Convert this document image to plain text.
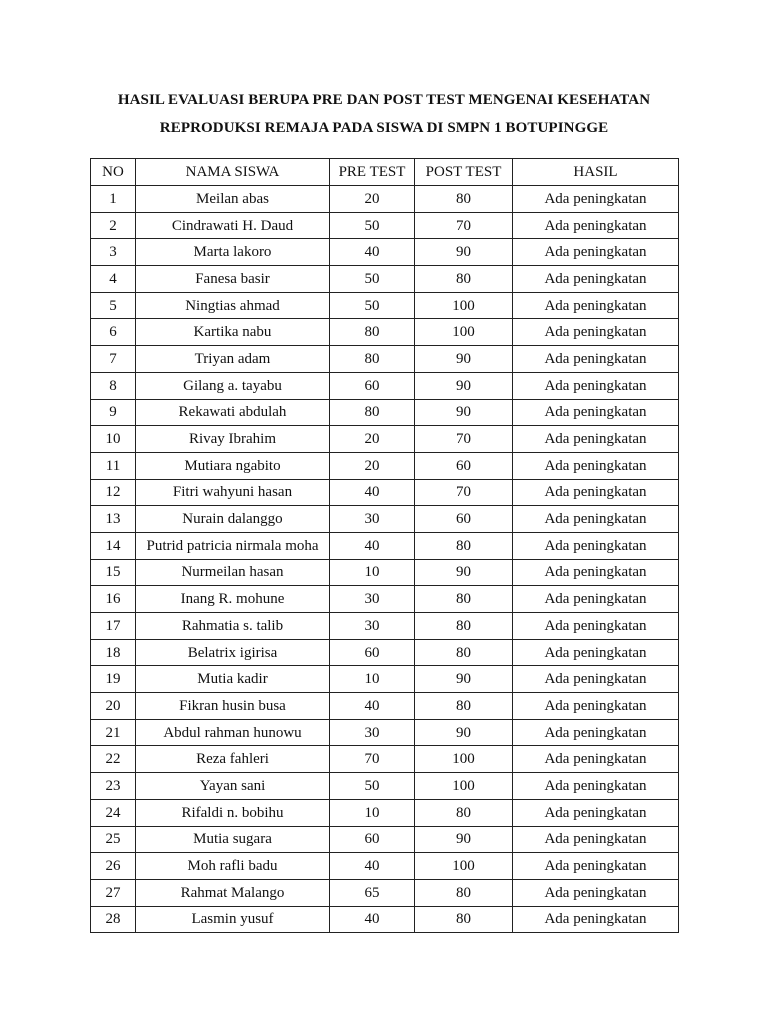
HASIL EVALUASI BERUPA PRE DAN POST TEST MENGENAI KESEHATAN
REPRODUKSI REMAJA PADA SISWA DI SMPN 1 BOTUPINGGE
NO	NAMA SISWA	PRE TEST	POST TEST	HASIL
1	Meilan abas	20	80	Ada peningkatan
2	Cindrawati H. Daud	50	70	Ada peningkatan
3	Marta lakoro	40	90	Ada peningkatan
4	Fanesa basir	50	80	Ada peningkatan
5	Ningtias ahmad	50	100	Ada peningkatan
6	Kartika nabu	80	100	Ada peningkatan
7	Triyan adam	80	90	Ada peningkatan
8	Gilang a. tayabu	60	90	Ada peningkatan
9	Rekawati abdulah	80	90	Ada peningkatan
10	Rivay Ibrahim	20	70	Ada peningkatan
11	Mutiara ngabito	20	60	Ada peningkatan
12	Fitri wahyuni hasan	40	70	Ada peningkatan
13	Nurain dalanggo	30	60	Ada peningkatan
14	Putrid patricia nirmala moha	40	80	Ada peningkatan
15	Nurmeilan hasan	10	90	Ada peningkatan
16	Inang R. mohune	30	80	Ada peningkatan
17	Rahmatia s. talib	30	80	Ada peningkatan
18	Belatrix igirisa	60	80	Ada peningkatan
19	Mutia kadir	10	90	Ada peningkatan
20	Fikran husin busa	40	80	Ada peningkatan
21	Abdul rahman hunowu	30	90	Ada peningkatan
22	Reza fahleri	70	100	Ada peningkatan
23	Yayan sani	50	100	Ada peningkatan
24	Rifaldi n. bobihu	10	80	Ada peningkatan
25	Mutia sugara	60	90	Ada peningkatan
26	Moh rafli badu	40	100	Ada peningkatan
27	Rahmat Malango	65	80	Ada peningkatan
28	Lasmin yusuf	40	80	Ada peningkatan
